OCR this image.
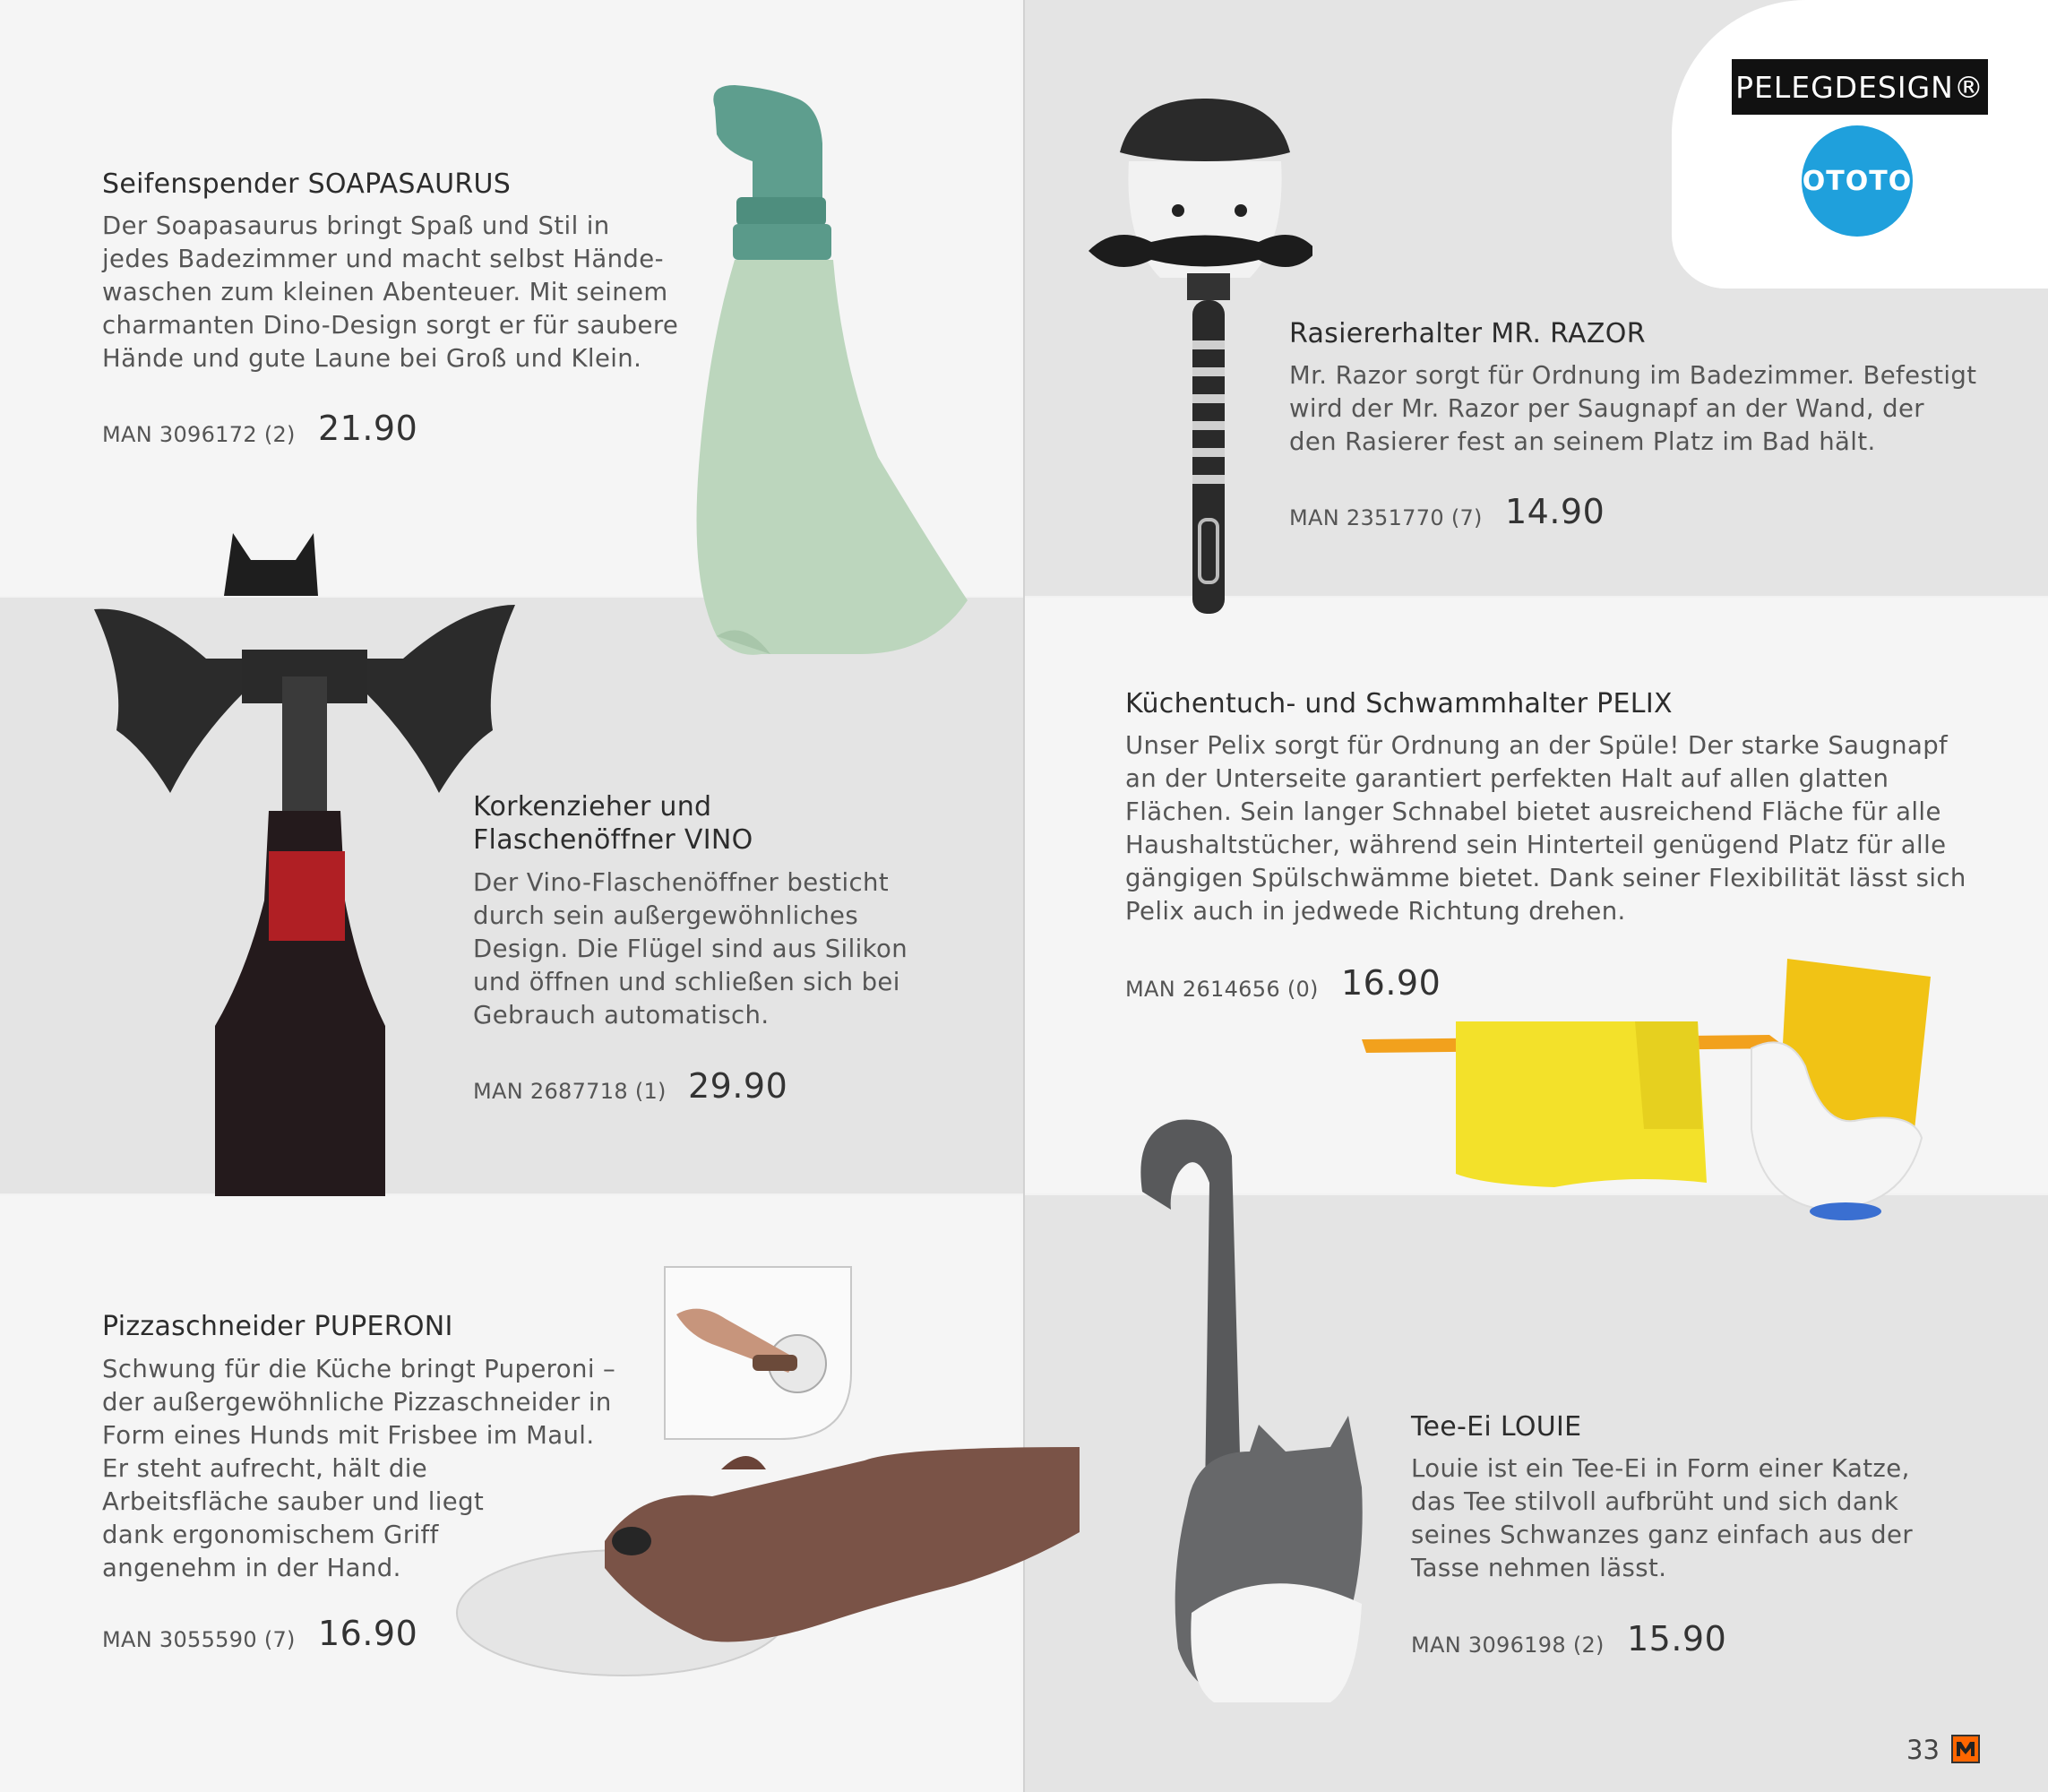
PELEGDESIGN®
OTOTO
Seifenspender SOAPASAURUS
Der Soapasaurus bringt Spaß und Stil in
jedes Badezimmer und macht selbst Hände-
waschen zum kleinen Abenteuer. Mit seinem
charmanten Dino-Design sorgt er für saubere
Hände und gute Laune bei Groß und Klein.
MAN 3096172 (2) 21.90
Rasiererhalter MR. RAZOR
Mr. Razor sorgt für Ordnung im Badezimmer. Befestigt
wird der Mr. Razor per Saugnapf an der Wand, der
den Rasierer fest an seinem Platz im Bad hält.
MAN 2351770 (7) 14.90
Korkenzieher und
Flaschenöffner VINO
Der Vino-Flaschenöffner besticht
durch sein außergewöhnliches
Design. Die Flügel sind aus Silikon
und öffnen und schließen sich bei
Gebrauch automatisch.
MAN 2687718 (1) 29.90
Küchentuch- und Schwammhalter PELIX
Unser Pelix sorgt für Ordnung an der Spüle! Der starke Saugnapf
an der Unterseite garantiert perfekten Halt auf allen glatten
Flächen. Sein langer Schnabel bietet ausreichend Fläche für alle
Haushaltstücher, während sein Hinterteil genügend Platz für alle
gängigen Spülschwämme bietet. Dank seiner Flexibilität lässt sich
Pelix auch in jedwede Richtung drehen.
MAN 2614656 (0) 16.90
Pizzaschneider PUPERONI
Schwung für die Küche bringt Puperoni –
der außergewöhnliche Pizzaschneider in
Form eines Hunds mit Frisbee im Maul.
Er steht aufrecht, hält die
Arbeitsfläche sauber und liegt
dank ergonomischem Griff
angenehm in der Hand.
MAN 3055590 (7) 16.90
Tee-Ei LOUIE
Louie ist ein Tee-Ei in Form einer Katze,
das Tee stilvoll aufbrüht und sich dank
seines Schwanzes ganz einfach aus der
Tasse nehmen lässt.
MAN 3096198 (2) 15.90
33
